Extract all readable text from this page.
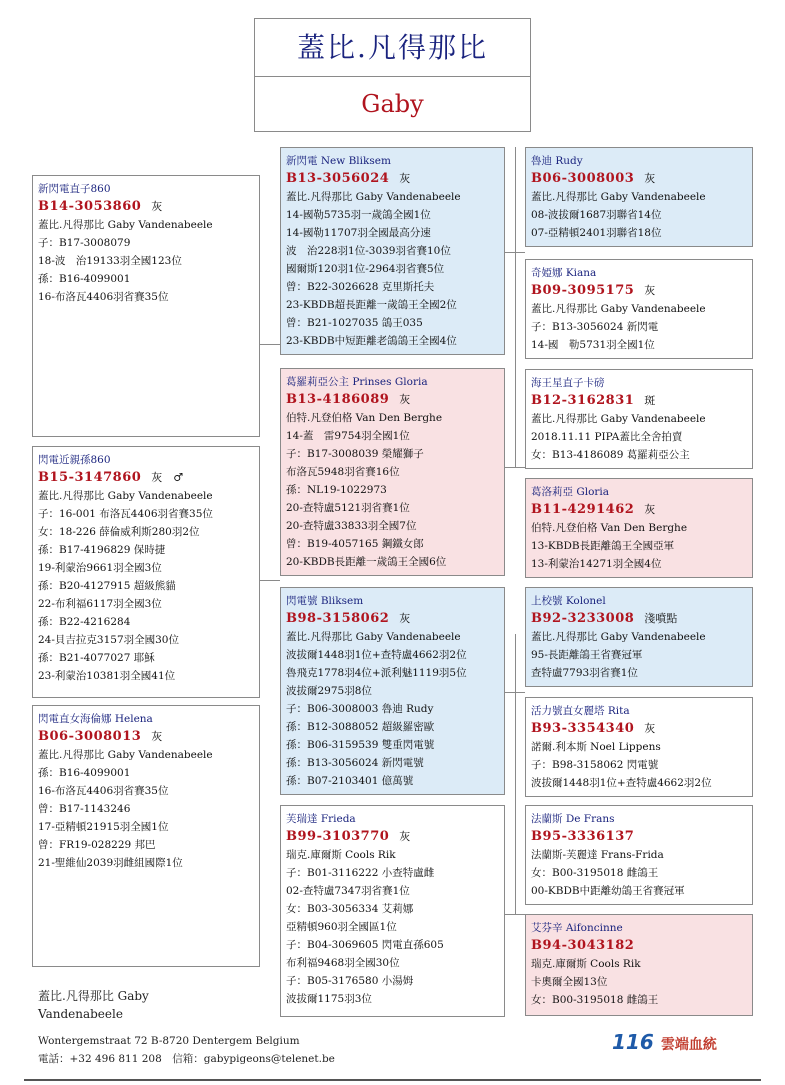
蓋比.凡得那比
Gaby
新閃電直子860
B14-3053860 灰
蓋比.凡得那比 Gaby Vandenabeele
子：B17-3008079
18-波　治19133羽全國123位
孫：B16-4099001
16-布洛瓦4406羽省賽35位
閃電近親孫860
B15-3147860 灰　♂
蓋比.凡得那比 Gaby Vandenabeele
子：16-001 布洛瓦4406羽省賽35位
女：18-226 薛倫威利斯280羽2位
孫：B17-4196829 保時捷
19-利蒙治9661羽全國3位
孫：B20-4127915 超級熊貓
22-布利福6117羽全國3位
孫：B22-4216284
24-貝吉拉克3157羽全國30位
孫：B21-4077027 耶穌
23-利蒙治10381羽全國41位
新閃電 New Bliksem
B13-3056024 灰
蓋比.凡得那比 Gaby Vandenabeele
14-國勒5735羽一歲鴿全國1位
14-國勒11707羽全國最高分速
波　治228羽1位-3039羽省賽10位
國爾斯120羽1位-2964羽省賽5位
曾：B22-3026628 克里斯托夫
23-KBDB超長距離一歲鴿王全國2位
曾：B21-1027035 鴿王035
23-KBDB中短距離老鴿鴿王全國4位
葛羅莉亞公主 Prinses Gloria
B13-4186089 灰
伯特.凡登伯格 Van Den Berghe
14-蓋　雷9754羽全國1位
子：B17-3008039 榮耀獅子
布洛瓦5948羽省賽16位
孫：NL19-1022973
20-查特盧5121羽省賽1位
20-查特盧33833羽全國7位
曾：B19-4057165 鋼鐵女郎
20-KBDB長距離一歲鴿王全國6位
閃電號 Bliksem
B98-3158062 灰
蓋比.凡得那比 Gaby Vandenabeele
波拔爾1448羽1位+查特盧4662羽2位
魯飛克1778羽4位+派利魅1119羽5位
波拔爾2975羽8位
子：B06-3008003 魯迪 Rudy
孫：B12-3088052 超級羅密歐
孫：B06-3159539 雙重閃電號
孫：B13-3056024 新閃電號
孫：B07-2103401 億萬號
芙瑞達 Frieda
B99-3103770 灰
瑞克.庫爾斯 Cools Rik
子：B01-3116222 小查特盧雌
02-查特盧7347羽省賽1位
女：B03-3056334 艾莉娜
亞精頓960羽全國區1位
子：B04-3069605 閃電直孫605
布利福9468羽全國30位
子：B05-3176580 小湯姆
波拔爾1175羽3位
閃電直女海倫娜 Helena
B06-3008013 灰
蓋比.凡得那比 Gaby Vandenabeele
孫：B16-4099001
16-布洛瓦4406羽省賽35位
曾：B17-1143246
17-亞精頓21915羽全國1位
曾：FR19-028229 邦巴
21-聖維仙2039羽雌組國際1位
魯迪 Rudy
B06-3008003 灰
蓋比.凡得那比 Gaby Vandenabeele
08-波拔爾1687羽聯省14位
07-亞精頓2401羽聯省18位
奇婭娜 Kiana
B09-3095175 灰
蓋比.凡得那比 Gaby Vandenabeele
子：B13-3056024 新閃電
14-國　勒5731羽全國1位
海王星直子卡磅
B12-3162831 斑
蓋比.凡得那比 Gaby Vandenabeele
2018.11.11 PIPA蓋比全舍拍賣
女：B13-4186089 葛羅莉亞公主
葛洛莉亞 Gloria
B11-4291462 灰
伯特.凡登伯格 Van Den Berghe
13-KBDB長距離鴿王全國亞軍
13-利蒙治14271羽全國4位
上校號 Kolonel
B92-3233008 淺噴點
蓋比.凡得那比 Gaby Vandenabeele
95-長距離鴿王省賽冠軍
查特盧7793羽省賽1位
活力號直女麗塔 Rita
B93-3354340 灰
諾爾.利本斯 Noel Lippens
子：B98-3158062 閃電號
波拔爾1448羽1位+查特盧4662羽2位
法蘭斯 De Frans
B95-3336137
法蘭斯-芙麗達 Frans-Frida
女：B00-3195018 雌鴿王
00-KBDB中距離幼鴿王省賽冠軍
艾芬辛 Aifoncinne
B94-3043182
瑞克.庫爾斯 Cools Rik
卡奧爾全國13位
女：B00-3195018 雌鴿王
蓋比.凡得那比 Gaby Vandenabeele
Wontergemstraat 72 B-8720 Dentergem Belgium
電話：+32 496 811 208　信箱：gabypigeons@telenet.be
116 雲端血統
